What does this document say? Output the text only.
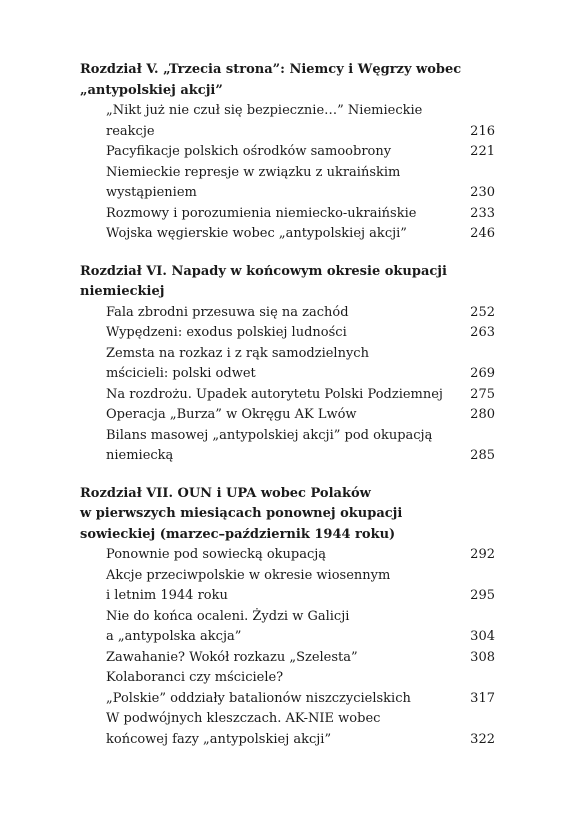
Rozdział V. „Trzecia strona”: Niemcy i Węgrzy wobec
„antypolskiej akcji”
„Nikt już nie czuł się bezpiecznie…” Niemieckie
reakcje	216
Pacyfikacje polskich ośrodków samoobrony	221
Niemieckie represje w związku z ukraińskim
wystąpieniem	230
Rozmowy i porozumienia niemiecko-ukraińskie	233
Wojska węgierskie wobec „antypolskiej akcji”	246
Rozdział VI. Napady w końcowym okresie okupacji
niemieckiej
Fala zbrodni przesuwa się na zachód	252
Wypędzeni: exodus polskiej ludności	263
Zemsta na rozkaz i z rąk samodzielnych
mścicieli: polski odwet	269
Na rozdrożu. Upadek autorytetu Polski Podziemnej	275
Operacja „Burza” w Okręgu AK Lwów	280
Bilans masowej „antypolskiej akcji” pod okupacją
niemiecką	285
Rozdział VII. OUN i UPA wobec Polaków
w pierwszych miesiącach ponownej okupacji
sowieckiej (marzec–październik 1944 roku)
Ponownie pod sowiecką okupacją	292
Akcje przeciwpolskie w okresie wiosennym
i letnim 1944 roku	295
Nie do końca ocaleni. Żydzi w Galicji
a „antypolska akcja”	304
Zawahanie? Wokół rozkazu „Szelesta”	308
Kolaboranci czy mściciele?
„Polskie” oddziały batalionów niszczycielskich	317
W podwójnych kleszczach. AK-NIE wobec
końcowej fazy „antypolskiej akcji”	322
